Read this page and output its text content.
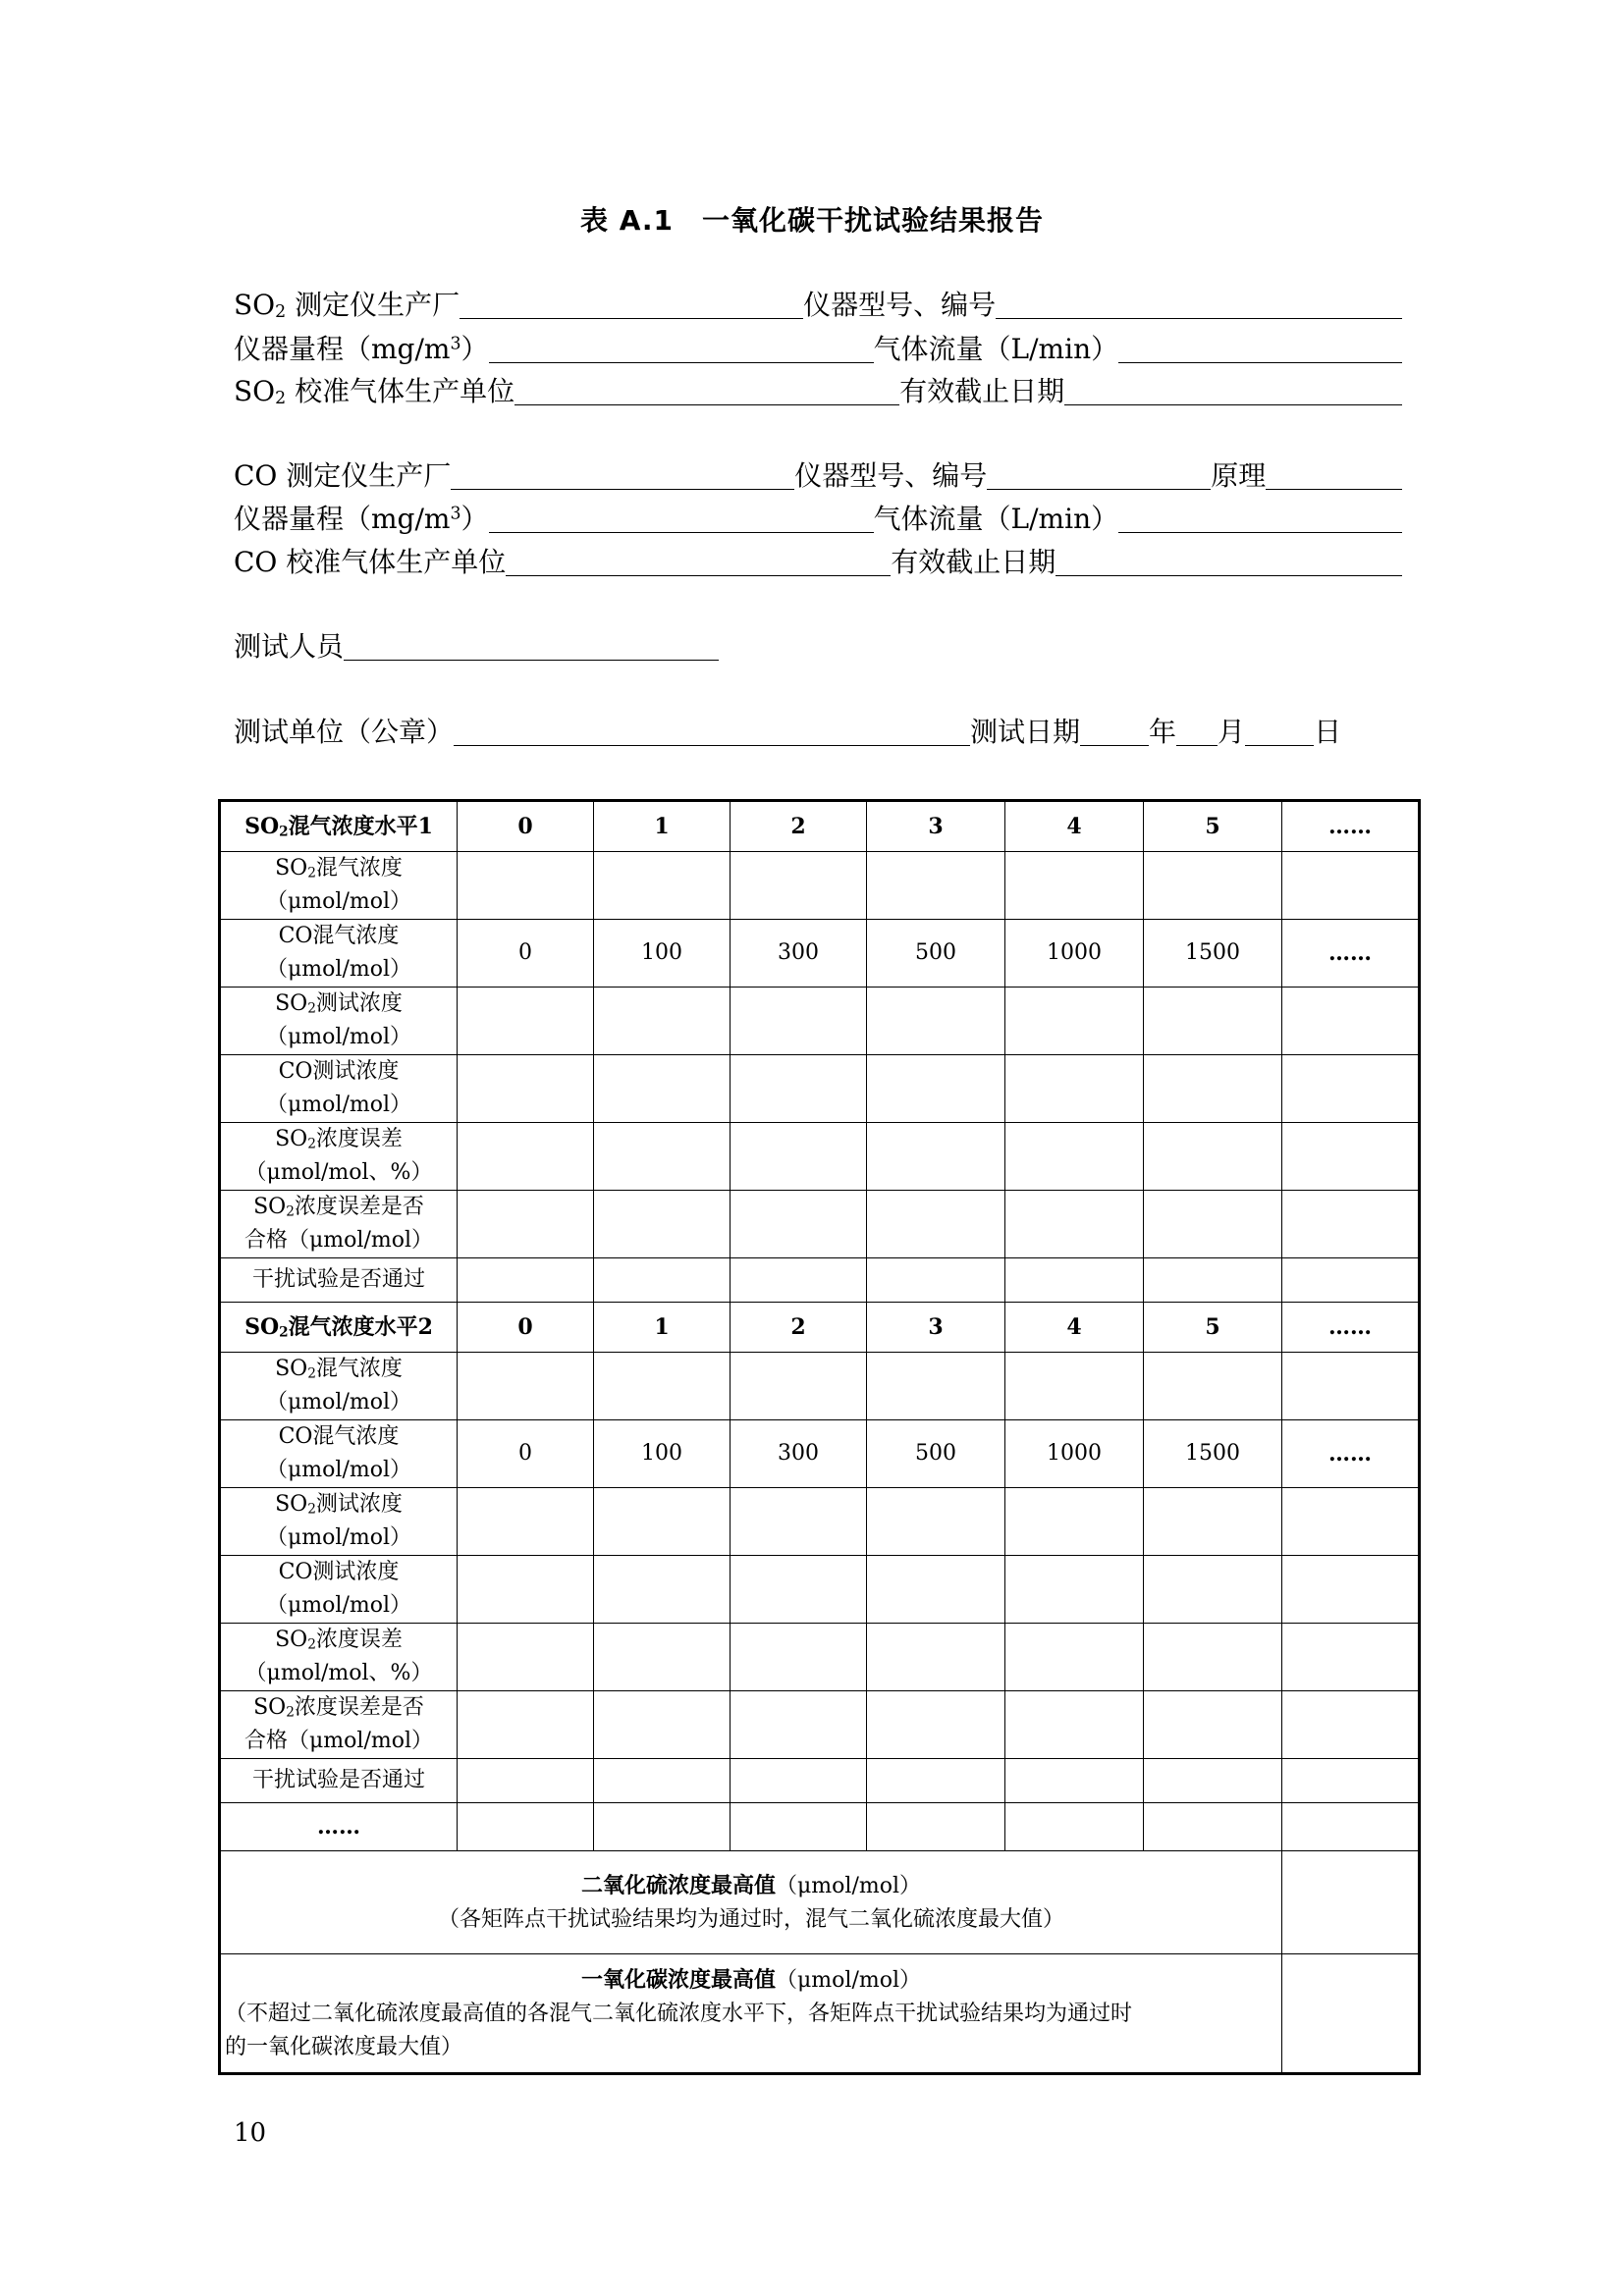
表 A.1　一氧化碳干扰试验结果报告
$SO_2$ 测定仪生产厂	仪器型号、编号
仪器量程$(mg/m^3)$	气体流量（L/min）
$SO_2$ 校准气体生产单位	有效截止日期
CO 测定仪生产厂	仪器型号、编号	原理
仪器量程$(mg/m^3)$	气体流量（L/min）
CO 校准气体生产单位	有效截止日期
测试人员
测试单位（公章）	测试日期	年 月	日
$SO_2$混气浓度水平1	0	1	2	3	4	5	……
$SO_2$混气浓度
（μmol/mol）							
CO混气浓度
（μmol/mol）	0	100	300	500	1000	1500	……
$SO_2$测试浓度
（μmol/mol）							
CO测试浓度
（μmol/mol）							
$SO_2$浓度误差
（μmol/mol、%）							
$SO_2$浓度误差是否
合格（μmol/mol）							
干扰试验是否通过							
$SO_2$混气浓度水平2	0	1	2	3	4	5	……
$SO_2$混气浓度
（μmol/mol）							
CO混气浓度
（μmol/mol）	0	100	300	500	1000	1500	……
$SO_2$测试浓度
（μmol/mol）							
CO测试浓度
（μmol/mol）							
$SO_2$浓度误差
（μmol/mol、%）							
$SO_2$浓度误差是否
合格（μmol/mol）							
干扰试验是否通过							
……							
二氧化硫浓度最高值（μmol/mol）
（各矩阵点干扰试验结果均为通过时，混气二氧化硫浓度最大值）							
一氧化碳浓度最高值（μmol/mol）

（不超过二氧化硫浓度最高值的各混气二氧化硫浓度水平下，各矩阵点干扰试验结果均为通过时
的一氧化碳浓度最大值）							

10
